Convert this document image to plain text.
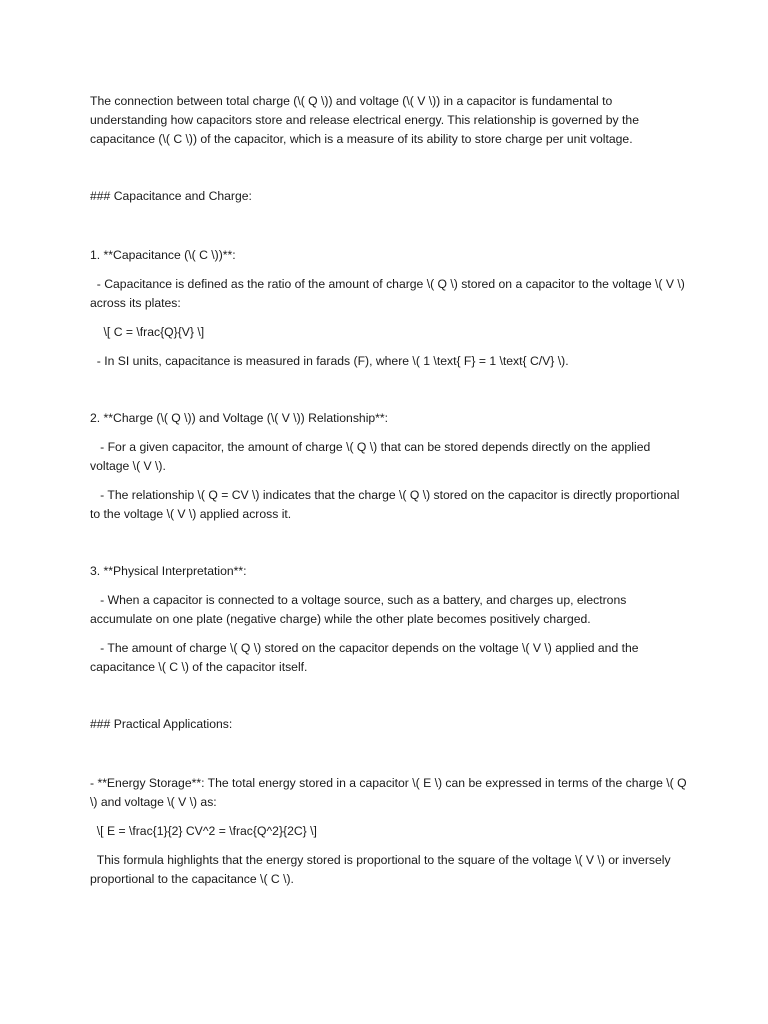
The connection between total charge (\( Q \)) and voltage (\( V \)) in a capacitor is fundamental to understanding how capacitors store and release electrical energy. This relationship is governed by the capacitance (\( C \)) of the capacitor, which is a measure of its ability to store charge per unit voltage.

### Capacitance and Charge:

1. **Capacitance (\( C \))**:

- Capacitance is defined as the ratio of the amount of charge \( Q \) stored on a capacitor to the voltage \( V \) across its plates:

\[ C = \frac{Q}{V} \]

- In SI units, capacitance is measured in farads (F), where \( 1 \text{ F} = 1 \text{ C/V} \).

2. **Charge (\( Q \)) and Voltage (\( V \)) Relationship**:

- For a given capacitor, the amount of charge \( Q \) that can be stored depends directly on the applied voltage \( V \).

- The relationship \( Q = CV \) indicates that the charge \( Q \) stored on the capacitor is directly proportional to the voltage \( V \) applied across it.

3. **Physical Interpretation**:

- When a capacitor is connected to a voltage source, such as a battery, and charges up, electrons accumulate on one plate (negative charge) while the other plate becomes positively charged.

- The amount of charge \( Q \) stored on the capacitor depends on the voltage \( V \) applied and the capacitance \( C \) of the capacitor itself.

### Practical Applications:

- **Energy Storage**: The total energy stored in a capacitor \( E \) can be expressed in terms of the charge \( Q \) and voltage \( V \) as:

\[ E = \frac{1}{2} CV^2 = \frac{Q^2}{2C} \]

This formula highlights that the energy stored is proportional to the square of the voltage \( V \) or inversely proportional to the capacitance \( C \).
